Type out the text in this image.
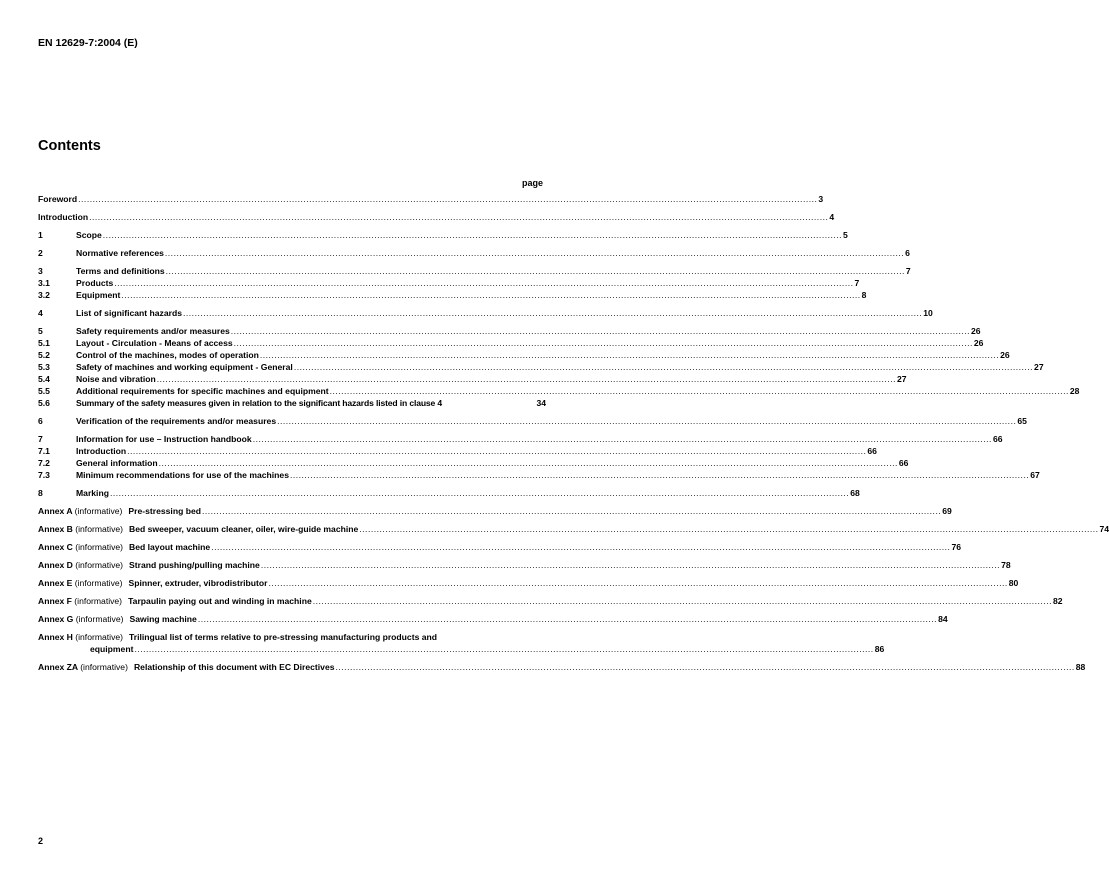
EN 12629-7:2004 (E)
Contents
page
Foreword .....	3
Introduction .....	4
1	Scope .....	5
2	Normative references .....	6
3	Terms and definitions .....	7
3.1	Products .....	7
3.2	Equipment .....	8
4	List of significant hazards .....	10
5	Safety requirements and/or measures .....	26
5.1	Layout - Circulation - Means of access .....	26
5.2	Control of the machines, modes of operation .....	26
5.3	Safety of machines and working equipment - General .....	27
5.4	Noise and vibration .....	27
5.5	Additional requirements for specific machines and equipment .....	28
5.6	Summary of the safety measures given in relation to the significant hazards listed in clause 4	34
6	Verification of the requirements and/or measures .....	65
7	Information for use – Instruction handbook .....	66
7.1	Introduction .....	66
7.2	General information .....	66
7.3	Minimum recommendations for use of the machines .....	67
8	Marking .....	68
Annex A (informative) Pre-stressing bed .....	69
Annex B (informative) Bed sweeper, vacuum cleaner, oiler, wire-guide machine .....	74
Annex C (informative) Bed layout machine .....	76
Annex D (informative) Strand pushing/pulling machine .....	78
Annex E (informative) Spinner, extruder, vibrodistributor .....	80
Annex F (informative) Tarpaulin paying out and winding in machine .....	82
Annex G (informative) Sawing machine .....	84
Annex H (informative) Trilingual list of terms relative to pre-stressing manufacturing products and
equipment .....	86
Annex ZA (informative) Relationship of this document with EC Directives .....	88
2
